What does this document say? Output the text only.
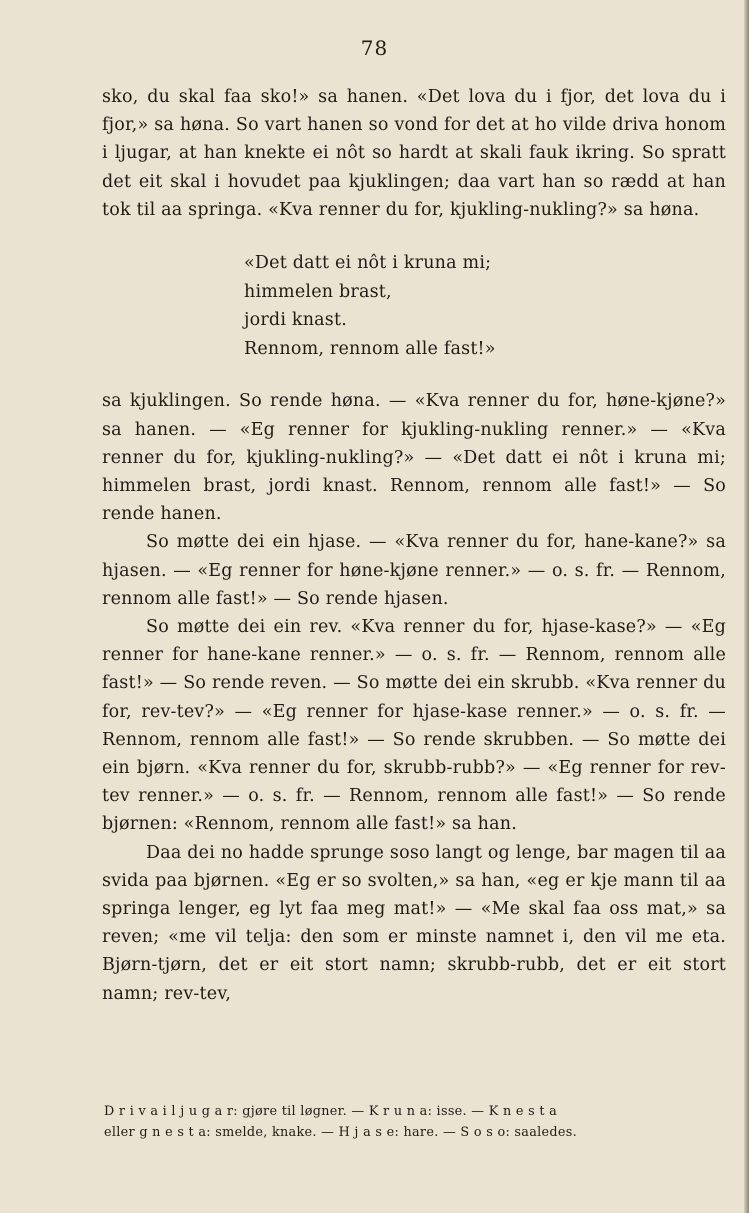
78

sko, du skal faa sko!» sa hanen. «Det lova du i fjor, det lova du i fjor,» sa høna. So vart hanen so vond for det at ho vilde driva honom i ljugar, at han knekte ei nôt so hardt at skali fauk ikring. So spratt det eit skal i hovudet paa kjuklingen; daa vart han so rædd at han tok til aa springa. «Kva renner du for, kjukling-nukling?» sa høna.

«Det datt ei nôt i kruna mi;
himmelen brast,
jordi knast.
Rennom, rennom alle fast!»

sa kjuklingen. So rende høna. — «Kva renner du for, høne-kjøne?» sa hanen. — «Eg renner for kjukling-nukling renner.» — «Kva renner du for, kjukling-nukling?» — «Det datt ei nôt i kruna mi; himmelen brast, jordi knast. Rennom, rennom alle fast!» — So rende hanen.

So møtte dei ein hjase. — «Kva renner du for, hane-kane?» sa hjasen. — «Eg renner for høne-kjøne renner.» — o. s. fr. — Rennom, rennom alle fast!» — So rende hjasen.

So møtte dei ein rev. «Kva renner du for, hjase-kase?» — «Eg renner for hane-kane renner.» — o. s. fr. — Rennom, rennom alle fast!» — So rende reven. — So møtte dei ein skrubb. «Kva renner du for, rev-tev?» — «Eg renner for hjase-kase renner.» — o. s. fr. — Rennom, rennom alle fast!» — So rende skrubben. — So møtte dei ein bjørn. «Kva renner du for, skrubb-rubb?» — «Eg renner for rev-tev renner.» — o. s. fr. — Rennom, rennom alle fast!» — So rende bjørnen: «Rennom, rennom alle fast!» sa han.

Daa dei no hadde sprunge soso langt og lenge, bar magen til aa svida paa bjørnen. «Eg er so svolten,» sa han, «eg er kje mann til aa springa lenger, eg lyt faa meg mat!» — «Me skal faa oss mat,» sa reven; «me vil telja: den som er minste namnet i, den vil me eta. Bjørn-tjørn, det er eit stort namn; skrubb-rubb, det er eit stort namn; rev-tev,

D r i v a i l j u g a r: gjøre til løgner. — K r u n a: isse. — K n e s t a

eller g n e s t a: smelde, knake. — H j a s e: hare. — S o s o: saaledes.
